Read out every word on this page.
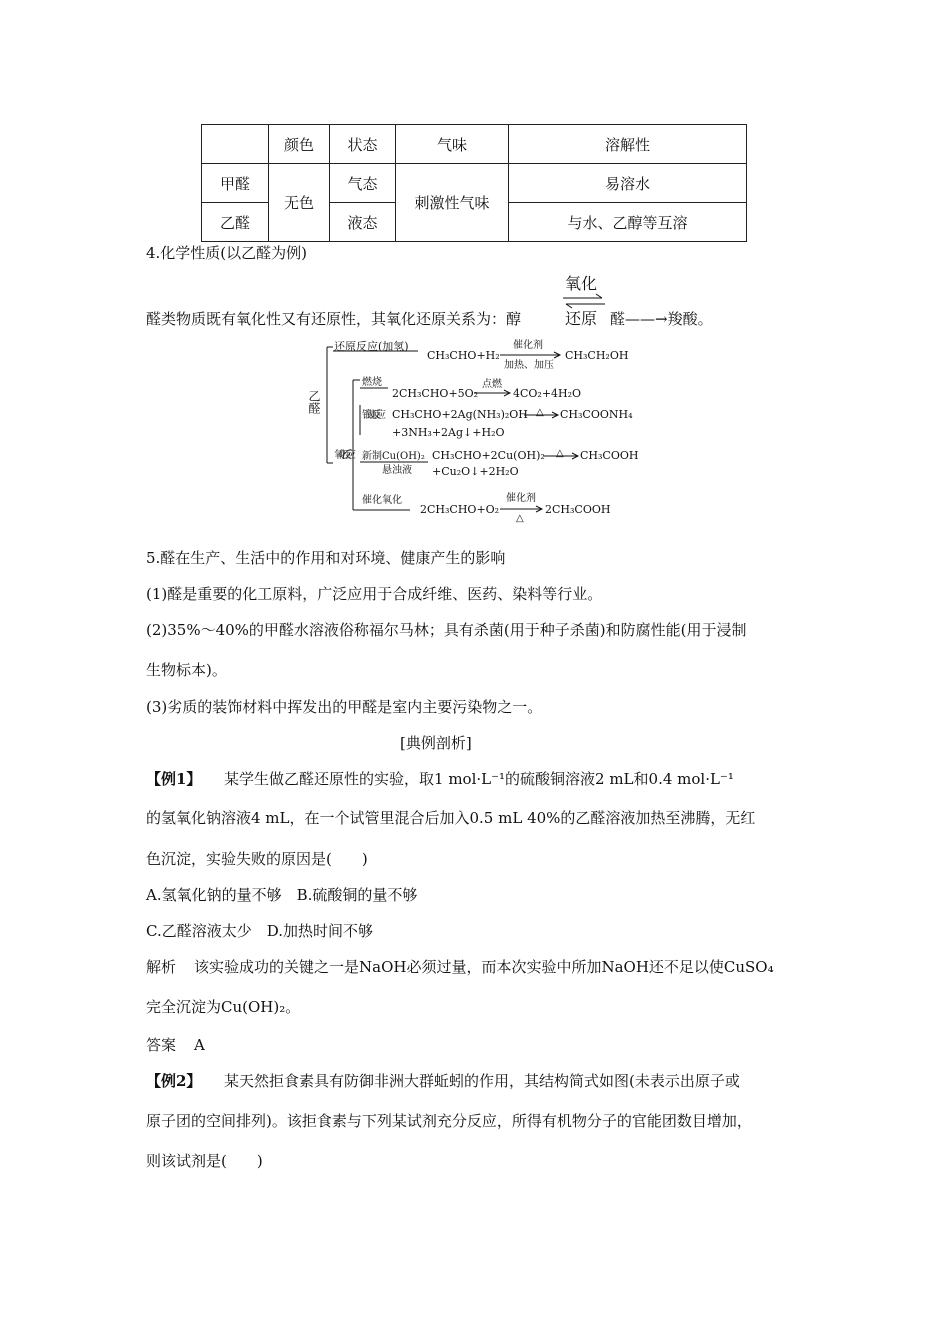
	颜色	状态	气味	溶解性
甲醛	无色	气态	刺激性气味	易溶水
乙醛		液态		与水、乙醇等互溶
4.化学性质(以乙醛为例)
醛类物质既有氧化性又有还原性，其氧化还原关系为：醇
氧化
还原 醛——→羧酸。
乙醛
还原反应(加氢)
CH₃CHO+H₂
催化剂
加热、加压
CH₃CH₂OH
氧化反应
燃烧
2CH₃CHO+5O₂
点燃
4CO₂+4H₂O
银镜反应 CH₃CHO+2Ag(NH₃)₂OH △ CH₃COONH₄
+3NH₃+2Ag↓+H₂O
新制Cu(OH)₂
悬浊液
CH₃CHO+2Cu(OH)₂ △ CH₃COOH
+Cu₂O↓+2H₂O
催化氧化
2CH₃CHO+O₂
催化剂
△
2CH₃COOH
5.醛在生产、生活中的作用和对环境、健康产生的影响
(1)醛是重要的化工原料，广泛应用于合成纤维、医药、染料等行业。
(2)35%～40%的甲醛水溶液俗称福尔马林；具有杀菌(用于种子杀菌)和防腐性能(用于浸制
生物标本)。
(3)劣质的装饰材料中挥发出的甲醛是室内主要污染物之一。
[典例剖析]
【例1】 某学生做乙醛还原性的实验，取1 mol·L⁻¹的硫酸铜溶液2 mL和0.4 mol·L⁻¹
的氢氧化钠溶液4 mL，在一个试管里混合后加入0.5 mL 40%的乙醛溶液加热至沸腾，无红
色沉淀，实验失败的原因是(　　)
A.氢氧化钠的量不够　B.硫酸铜的量不够
C.乙醛溶液太少　D.加热时间不够
解析 该实验成功的关键之一是NaOH必须过量，而本次实验中所加NaOH还不足以使CuSO₄
完全沉淀为Cu(OH)₂。
答案 A
【例2】 某天然拒食素具有防御非洲大群蚯蚓的作用，其结构简式如图(未表示出原子或
原子团的空间排列)。该拒食素与下列某试剂充分反应，所得有机物分子的官能团数目增加，
则该试剂是(　　)
